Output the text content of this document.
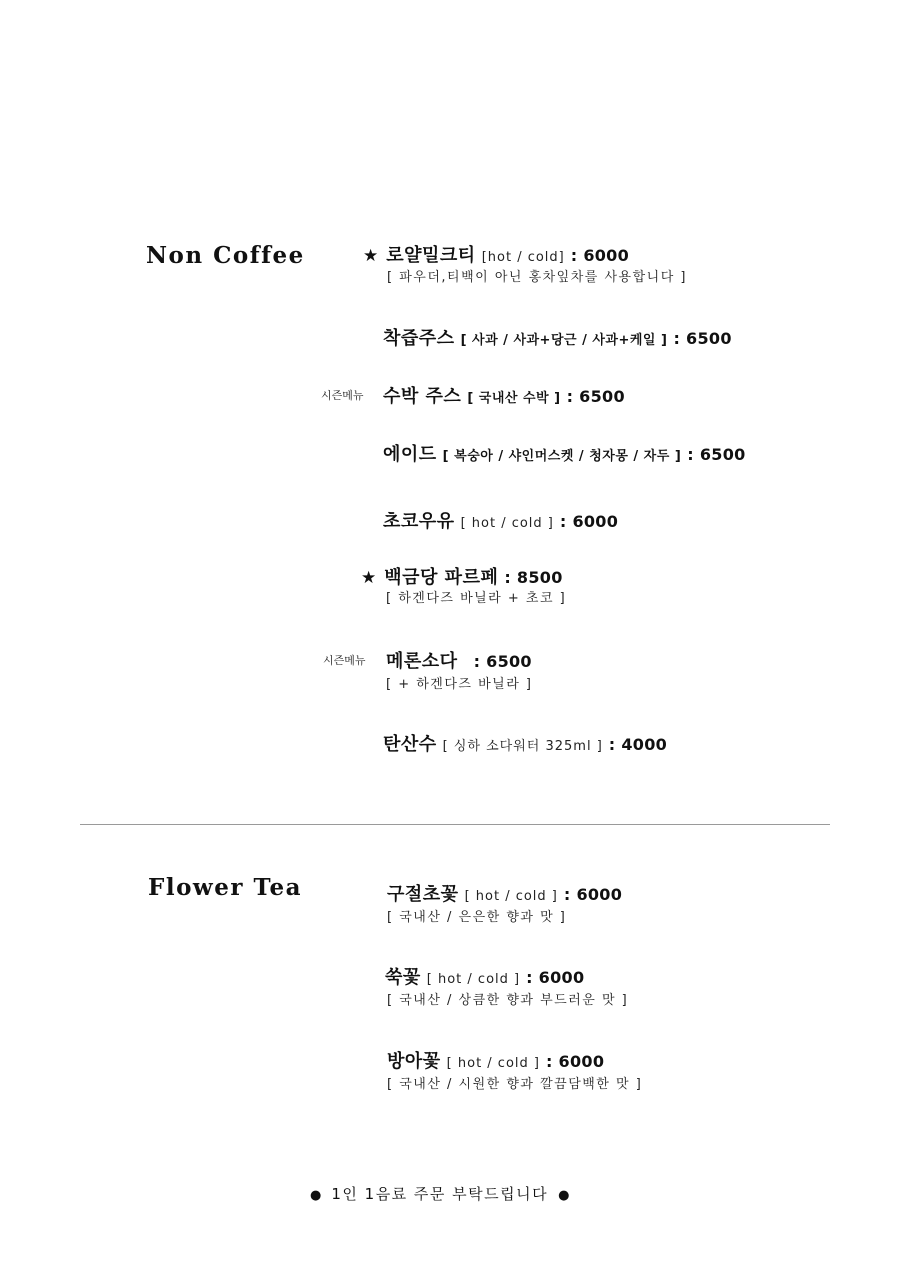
Non Coffee	★ 로얄밀크티 [hot / cold] : 6000
[ 파우더,티백이 아닌 홍차잎차를 사용합니다 ]
착즙주스 [ 사과 / 사과+당근 / 사과+케일 ] : 6500
시즌메뉴 수박 주스 [ 국내산 수박 ] : 6500
에이드 [ 복숭아 / 샤인머스켓 / 청자몽 / 자두 ] : 6500
초코우유 [ hot / cold ] : 6000
★ 백금당 파르페 : 8500
[ 하겐다즈 바닐라 + 초코 ]
시즌메뉴 메론소다 : 6500
[ + 하겐다즈 바닐라 ]
탄산수 [ 싱하 소다워터 325ml ] : 4000
Flower Tea	구절초꽃 [ hot / cold ] : 6000
[ 국내산 / 은은한 향과 맛 ]
쑥꽃 [ hot / cold ] : 6000
[ 국내산 / 상큼한 향과 부드러운 맛 ]
방아꽃 [ hot / cold ] : 6000
[ 국내산 / 시원한 향과 깔끔담백한 맛 ]
● 1인 1음료 주문 부탁드립니다 ●
